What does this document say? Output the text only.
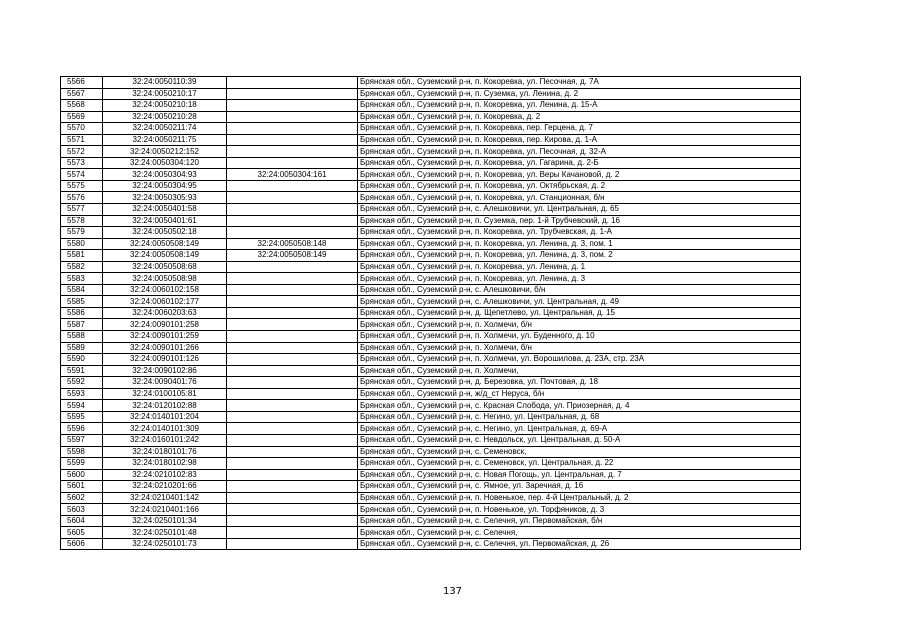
5566	32:24:0050110:39		Брянская обл., Суземский р-н, п. Кокоревка, ул. Песочная, д. 7А
5567	32:24:0050210:17		Брянская обл., Суземский р-н, п. Суземка, ул. Ленина, д. 2
5568	32:24:0050210:18		Брянская обл., Суземский р-н, п. Кокоревка, ул. Ленина, д. 15-А
5569	32:24:0050210:28		Брянская обл., Суземский р-н, п. Кокоревка, д. 2
5570	32:24:0050211:74		Брянская обл., Суземский р-н, п. Кокоревка, пер. Герцена, д. 7
5571	32:24:0050211:75		Брянская обл., Суземский р-н, п. Кокоревка, пер. Кирова, д. 1-А
5572	32:24:0050212:152		Брянская обл., Суземский р-н, п. Кокоревка, ул. Песочная, д. 32-А
5573	32:24:0050304:120		Брянская обл., Суземский р-н, п. Кокоревка, ул. Гагарина, д. 2-Б
5574	32:24:0050304:93	32:24:0050304:161	Брянская обл., Суземский р-н, п. Кокоревка, ул. Веры Качановой, д. 2
5575	32:24:0050304:95		Брянская обл., Суземский р-н, п. Кокоревка, ул. Октябрьская, д. 2
5576	32:24:0050305:93		Брянская обл., Суземский р-н, п. Кокоревка, ул. Станционная, б/н
5577	32:24:0050401:58		Брянская обл., Суземский р-н, с. Алешковичи, ул. Центральная, д. 65
5578	32:24:0050401:61		Брянская обл., Суземский р-н, п. Суземка, пер. 1-й Трубчевский, д. 16
5579	32:24:0050502:18		Брянская обл., Суземский р-н, п. Кокоревка, ул. Трубчевская, д. 1-А
5580	32:24:0050508:149	32:24:0050508:148	Брянская обл., Суземский р-н, п. Кокоревка, ул. Ленина, д. 3, пом. 1
5581	32:24:0050508:149	32:24:0050508:149	Брянская обл., Суземский р-н, п. Кокоревка, ул. Ленина, д. 3, пом. 2
5582	32:24:0050508:68		Брянская обл., Суземский р-н, п. Кокоревка, ул. Ленина, д. 1
5583	32:24:0050508:98		Брянская обл., Суземский р-н, п. Кокоревка, ул. Ленина, д. 3
5584	32:24:0060102:158		Брянская обл., Суземский р-н, с. Алешковичи, б/н
5585	32:24:0060102:177		Брянская обл., Суземский р-н, с. Алешковичи, ул. Центральная, д. 49
5586	32:24:0060203:63		Брянская обл., Суземский р-н, д. Щепетлево, ул. Центральная, д. 15
5587	32:24:0090101:258		Брянская обл., Суземский р-н, п. Холмечи, б/н
5588	32:24:0090101:259		Брянская обл., Суземский р-н, п. Холмечи, ул. Буденного, д. 10
5589	32:24:0090101:266		Брянская обл., Суземский р-н, п. Холмечи, б/н
5590	32:24:0090101:126		Брянская обл., Суземский р-н, п. Холмечи, ул. Ворошилова, д. 23А, стр. 23А
5591	32:24:0090102:86		Брянская обл., Суземский р-н, п. Холмечи,
5592	32:24:0090401:76		Брянская обл., Суземский р-н, д. Березовка, ул. Почтовая, д. 18
5593	32:24:0100105:81		Брянская обл., Суземский р-н, ж/д_ст Неруса, б/н
5594	32:24:0120102:88		Брянская обл., Суземский р-н, с. Красная Слобода, ул. Приозерная, д. 4
5595	32:24:0140101:204		Брянская обл., Суземский р-н, с. Негино, ул. Центральная, д. 68
5596	32:24:0140101:309		Брянская обл., Суземский р-н, с. Негино, ул. Центральная, д. 69-А
5597	32:24:0160101:242		Брянская обл., Суземский р-н, с. Невдольск, ул. Центральная, д. 50-А
5598	32:24:0180101:76		Брянская обл., Суземский р-н, с. Семеновск,
5599	32:24:0180102:98		Брянская обл., Суземский р-н, с. Семеновск, ул. Центральная, д. 22
5600	32:24:0210102:83		Брянская обл., Суземский р-н, с. Новая Погощь, ул. Центральная, д. 7
5601	32:24:0210201:66		Брянская обл., Суземский р-н, с. Ямное, ул. Заречная, д. 16
5602	32:24:0210401:142		Брянская обл., Суземский р-н, п. Новенькое, пер. 4-й Центральный, д. 2
5603	32:24:0210401:166		Брянская обл., Суземский р-н, п. Новенькое, ул. Торфяников, д. 3
5604	32:24:0250101:34		Брянская обл., Суземский р-н, с. Селечня, ул. Первомайская, б/н
5605	32:24:0250101:48		Брянская обл., Суземский р-н, с. Селечня,
5606	32:24:0250101:73		Брянская обл., Суземский р-н, с. Селечня, ул. Первомайская, д. 26
137
